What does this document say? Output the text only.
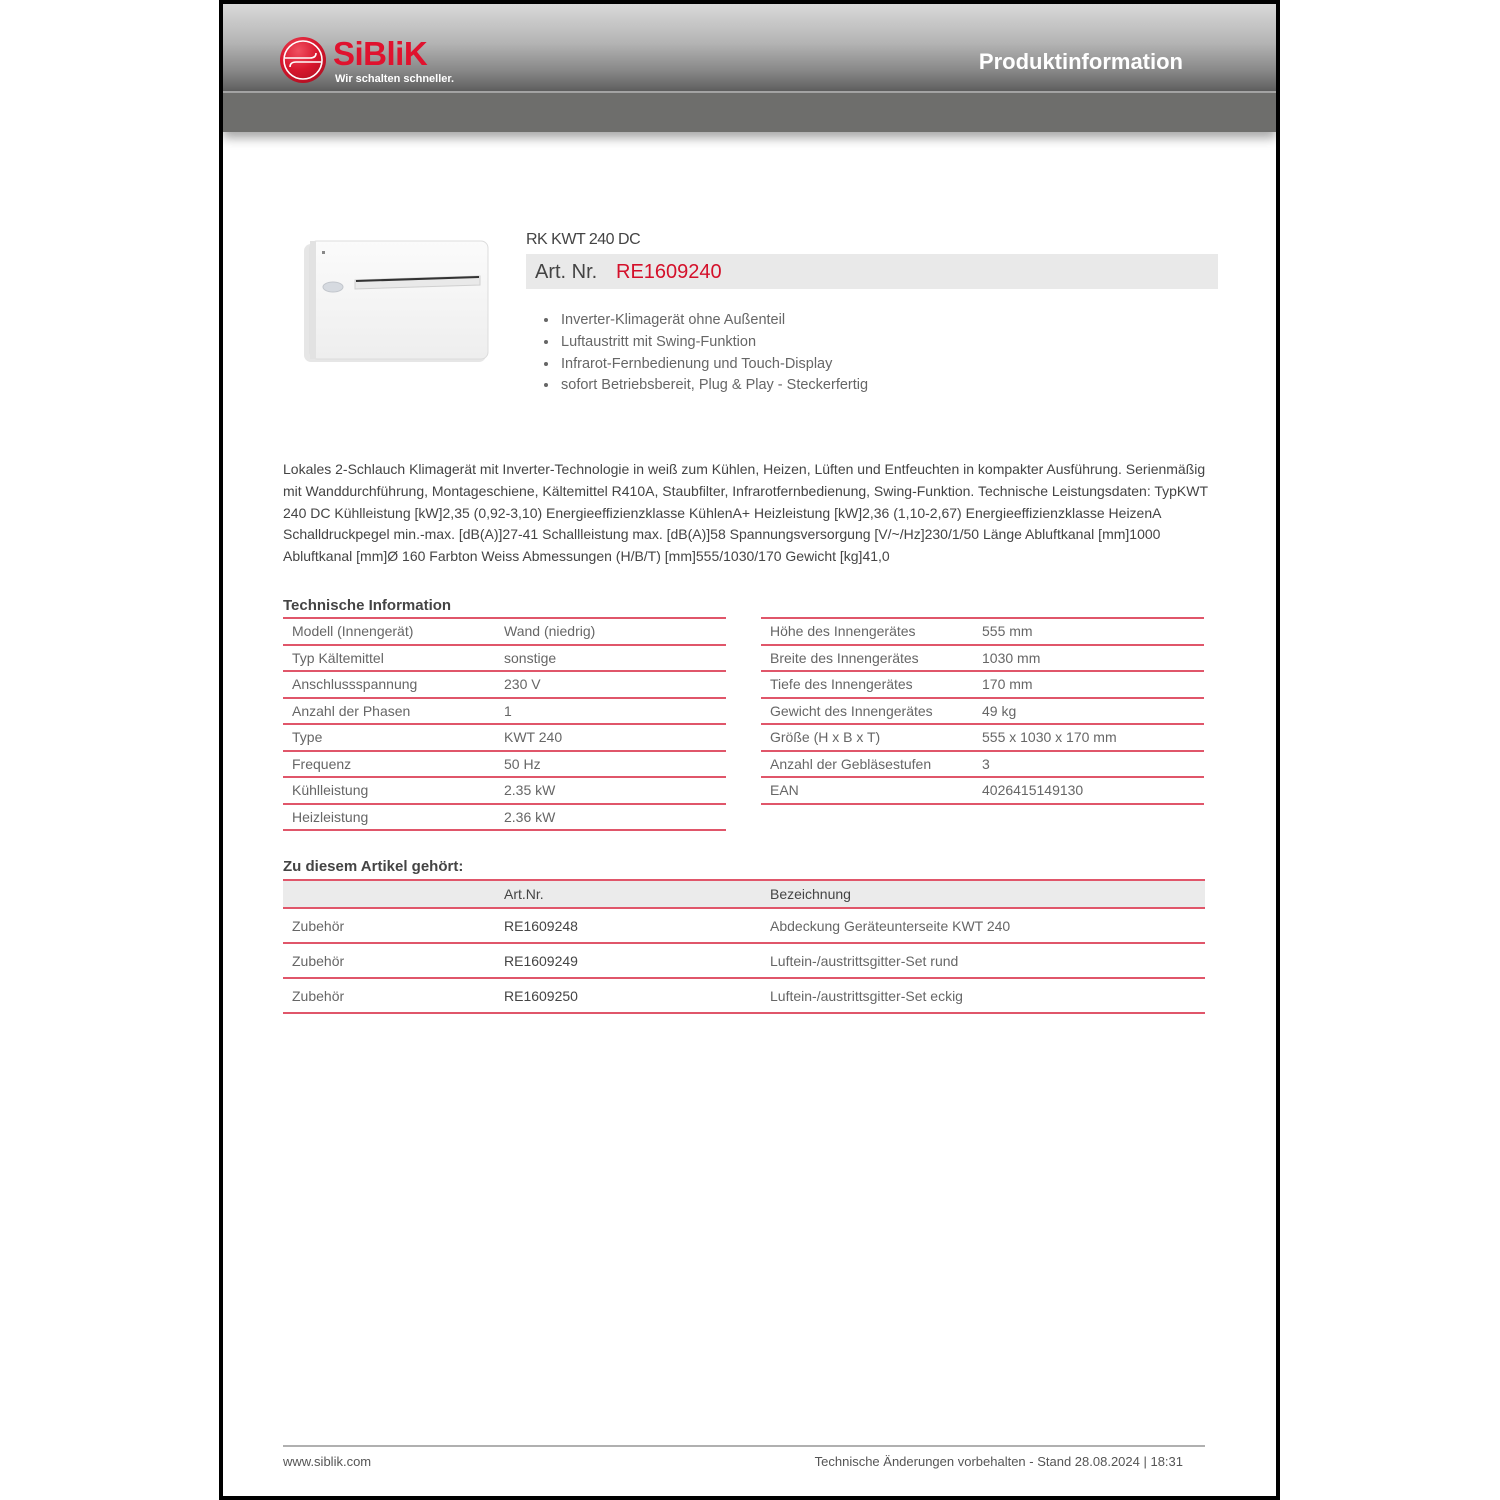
SiBliK
Wir schalten schneller.
Produktinformation
RK KWT 240 DC
Art. Nr. RE1609240
• Inverter-Klimagerät ohne Außenteil
• Luftaustritt mit Swing-Funktion
• Infrarot-Fernbedienung und Touch-Display
• sofort Betriebsbereit, Plug & Play - Steckerfertig
Lokales 2-Schlauch Klimagerät mit Inverter-Technologie in weiß zum Kühlen, Heizen, Lüften und Entfeuchten in kompakter Ausführung. Serienmäßig mit Wanddurchführung, Montageschiene, Kältemittel R410A, Staubfilter, Infrarotfernbedienung, Swing-Funktion. Technische Leistungsdaten: TypKWT 240 DC Kühlleistung [kW]2,35 (0,92-3,10) Energieeffizienzklasse KühlenA+ Heizleistung [kW]2,36 (1,10-2,67) Energieeffizienzklasse HeizenA Schalldruckpegel min.-max. [dB(A)]27-41 Schallleistung max. [dB(A)]58 Spannungsversorgung [V/~/Hz]230/1/50 Länge Abluftkanal [mm]1000 Abluftkanal [mm]Ø 160 Farbton Weiss Abmessungen (H/B/T) [mm]555/1030/170 Gewicht [kg]41,0
Technische Information
Modell (Innengerät)	Wand (niedrig)
Typ Kältemittel	sonstige
Anschlussspannung	230 V
Anzahl der Phasen	1
Type	KWT 240
Frequenz	50 Hz
Kühlleistung	2.35 kW
Heizleistung	2.36 kW
Höhe des Innengerätes	555 mm
Breite des Innengerätes	1030 mm
Tiefe des Innengerätes	170 mm
Gewicht des Innengerätes	49 kg
Größe (H x B x T)	555 x 1030 x 170 mm
Anzahl der Gebläsestufen	3
EAN	4026415149130
Zu diesem Artikel gehört:
	Art.Nr.	Bezeichnung
Zubehör	RE1609248	Abdeckung Geräteunterseite KWT 240
Zubehör	RE1609249	Luftein-/austrittsgitter-Set rund
Zubehör	RE1609250	Luftein-/austrittsgitter-Set eckig
www.siblik.com	Technische Änderungen vorbehalten - Stand 28.08.2024 | 18:31
